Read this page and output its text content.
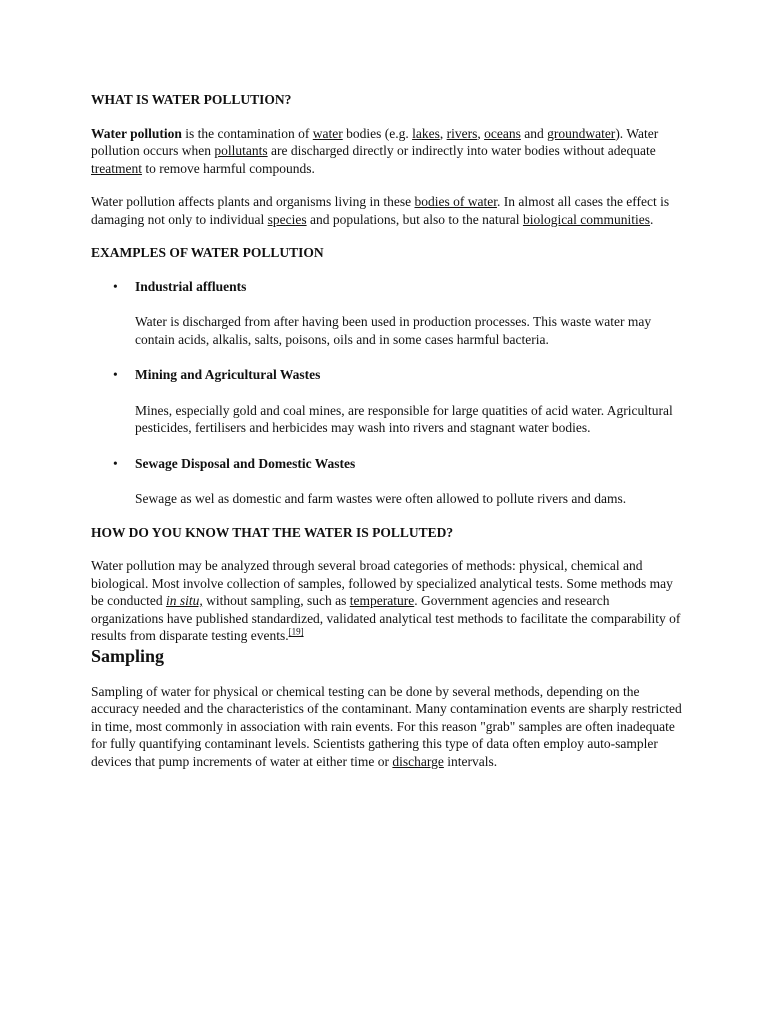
WHAT IS WATER POLLUTION?

Water pollution is the contamination of water bodies (e.g. lakes, rivers, oceans and groundwater). Water pollution occurs when pollutants are discharged directly or indirectly into water bodies without adequate treatment to remove harmful compounds.

Water pollution affects plants and organisms living in these bodies of water. In almost all cases the effect is damaging not only to individual species and populations, but also to the natural biological communities.

EXAMPLES OF WATER POLLUTION

• Industrial affluents

Water is discharged from after having been used in production processes. This waste water may contain acids, alkalis, salts, poisons, oils and in some cases harmful bacteria.

• Mining and Agricultural Wastes

Mines, especially gold and coal mines, are responsible for large quatities of acid water. Agricultural pesticides, fertilisers and herbicides may wash into rivers and stagnant water bodies.

• Sewage Disposal and Domestic Wastes

Sewage as wel as domestic and farm wastes were often allowed to pollute rivers and dams.

HOW DO YOU KNOW THAT THE WATER IS POLLUTED?

Water pollution may be analyzed through several broad categories of methods: physical, chemical and biological. Most involve collection of samples, followed by specialized analytical tests. Some methods may be conducted in situ, without sampling, such as temperature. Government agencies and research organizations have published standardized, validated analytical test methods to facilitate the comparability of results from disparate testing events.[19]

Sampling

Sampling of water for physical or chemical testing can be done by several methods, depending on the accuracy needed and the characteristics of the contaminant. Many contamination events are sharply restricted in time, most commonly in association with rain events. For this reason "grab" samples are often inadequate for fully quantifying contaminant levels. Scientists gathering this type of data often employ auto-sampler devices that pump increments of water at either time or discharge intervals.
